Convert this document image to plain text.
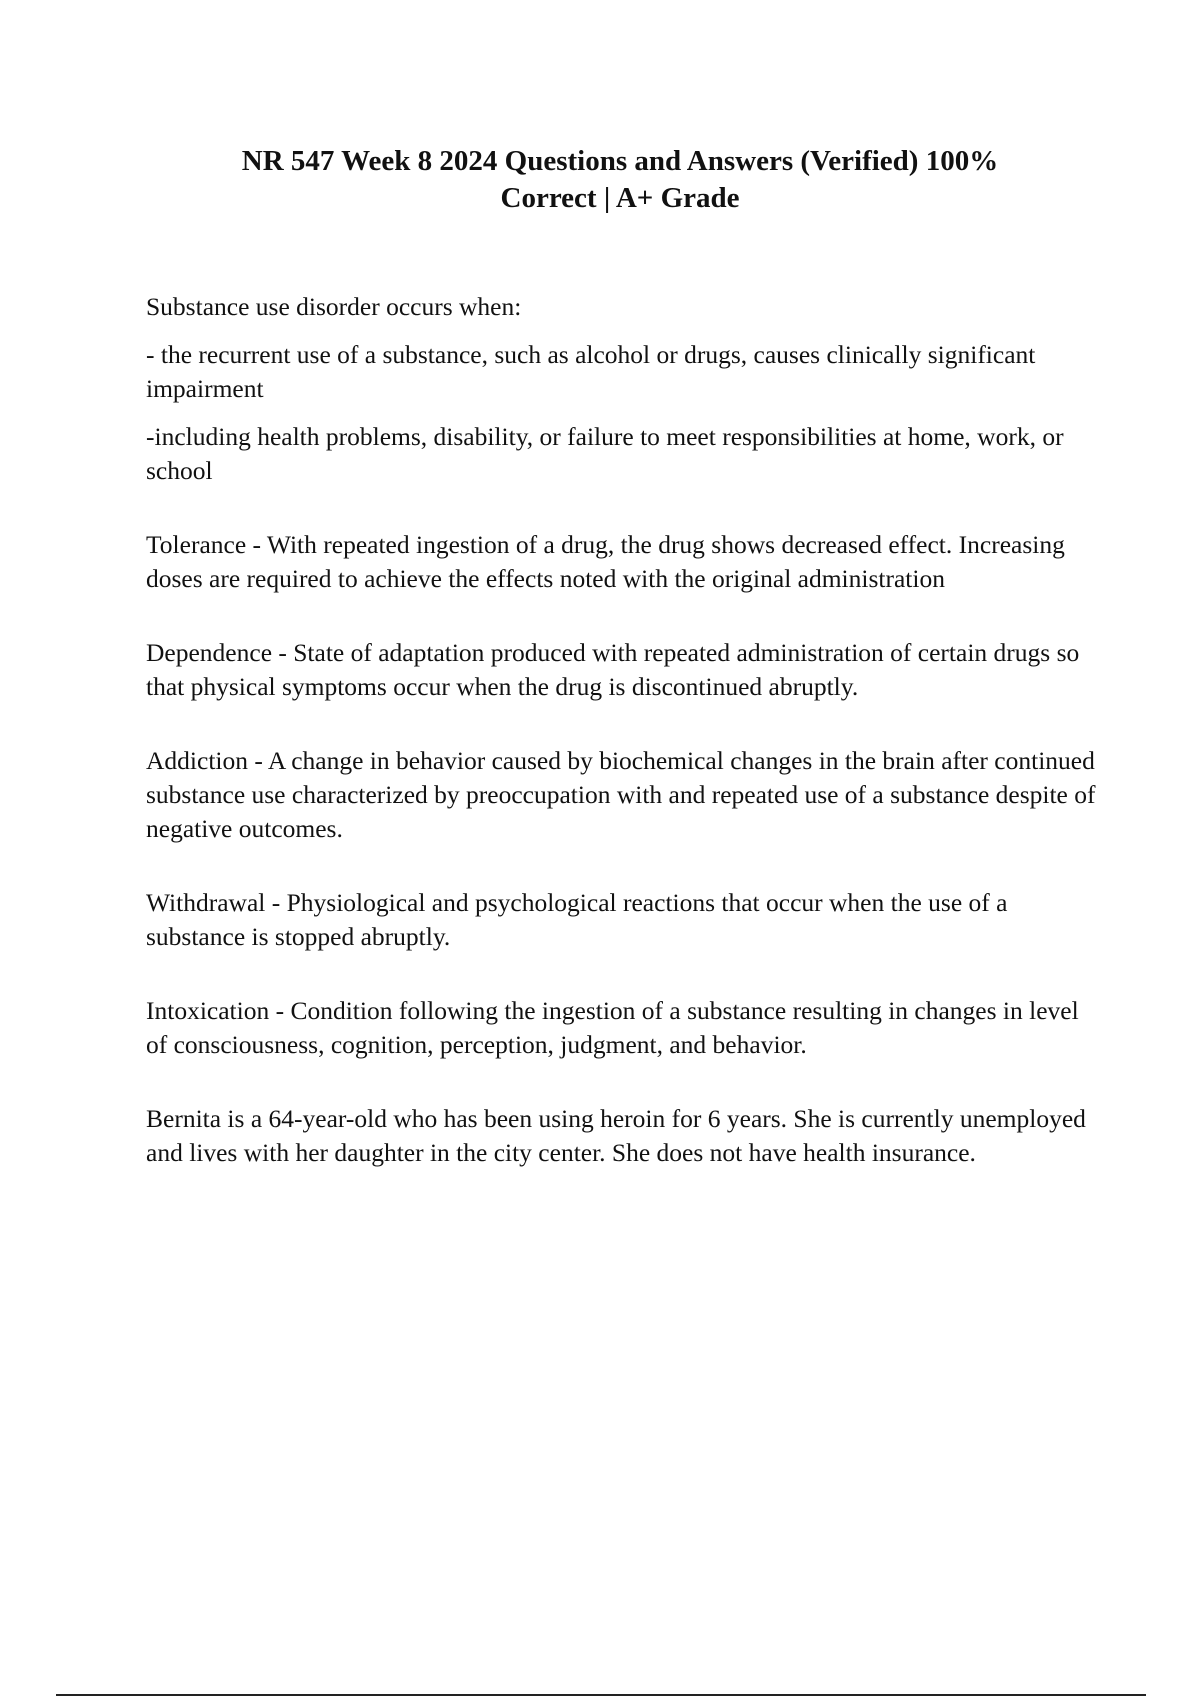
NR 547 Week 8 2024 Questions and Answers (Verified) 100%
Correct | A+ Grade

Substance use disorder occurs when:

- the recurrent use of a substance, such as alcohol or drugs, causes clinically significant impairment

-including health problems, disability, or failure to meet responsibilities at home, work, or school

Tolerance - With repeated ingestion of a drug, the drug shows decreased effect. Increasing doses are required to achieve the effects noted with the original administration

Dependence - State of adaptation produced with repeated administration of certain drugs so that physical symptoms occur when the drug is discontinued abruptly.

Addiction - A change in behavior caused by biochemical changes in the brain after continued substance use characterized by preoccupation with and repeated use of a substance despite of negative outcomes.

Withdrawal - Physiological and psychological reactions that occur when the use of a substance is stopped abruptly.

Intoxication - Condition following the ingestion of a substance resulting in changes in level of consciousness, cognition, perception, judgment, and behavior.

Bernita is a 64-year-old who has been using heroin for 6 years. She is currently unemployed and lives with her daughter in the city center. She does not have health insurance.
